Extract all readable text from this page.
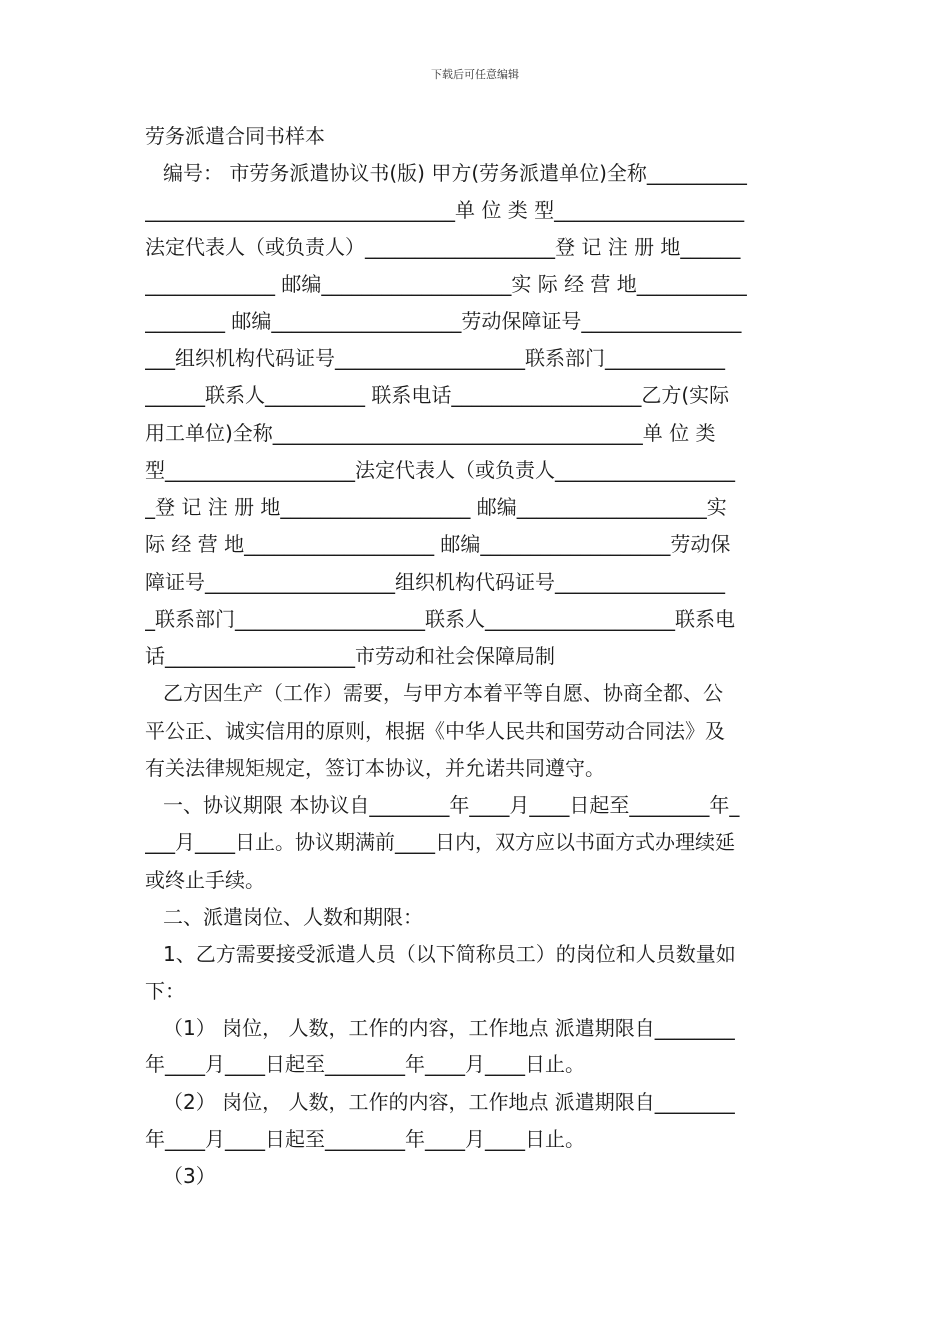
下载后可任意编辑
劳务派遣合同书样本
编号： 市劳务派遣协议书(版) 甲方(劳务派遣单位)全称__________
_______________________________单 位 类 型___________________
法定代表人（或负责人）___________________登 记 注 册 地______
_____________ 邮编___________________实 际 经 营 地___________
________ 邮编___________________劳动保障证号________________
___组织机构代码证号___________________联系部门____________
______联系人__________ 联系电话___________________乙方(实际
用工单位)全称_____________________________________单 位 类
型___________________法定代表人（或负责人__________________
_登 记 注 册 地___________________ 邮编___________________实
际 经 营 地___________________ 邮编___________________劳动保
障证号___________________组织机构代码证号_________________
_联系部门___________________联系人___________________联系电
话___________________市劳动和社会保障局制
乙方因生产（工作）需要，与甲方本着平等自愿、协商全都、公
平公正、诚实信用的原则，根据《中华人民共和国劳动合同法》及
有关法律规矩规定，签订本协议，并允诺共同遵守。
一、协议期限 本协议自________年____月____日起至________年_
___月____日止。协议期满前____日内，双方应以书面方式办理续延
或终止手续。
二、派遣岗位、人数和期限：
1、乙方需要接受派遣人员（以下简称员工）的岗位和人员数量如
下：
（1） 岗位， 人数，工作的内容，工作地点 派遣期限自________
年____月____日起至________年____月____日止。
（2） 岗位， 人数，工作的内容，工作地点 派遣期限自________
年____月____日起至________年____月____日止。
（3）
